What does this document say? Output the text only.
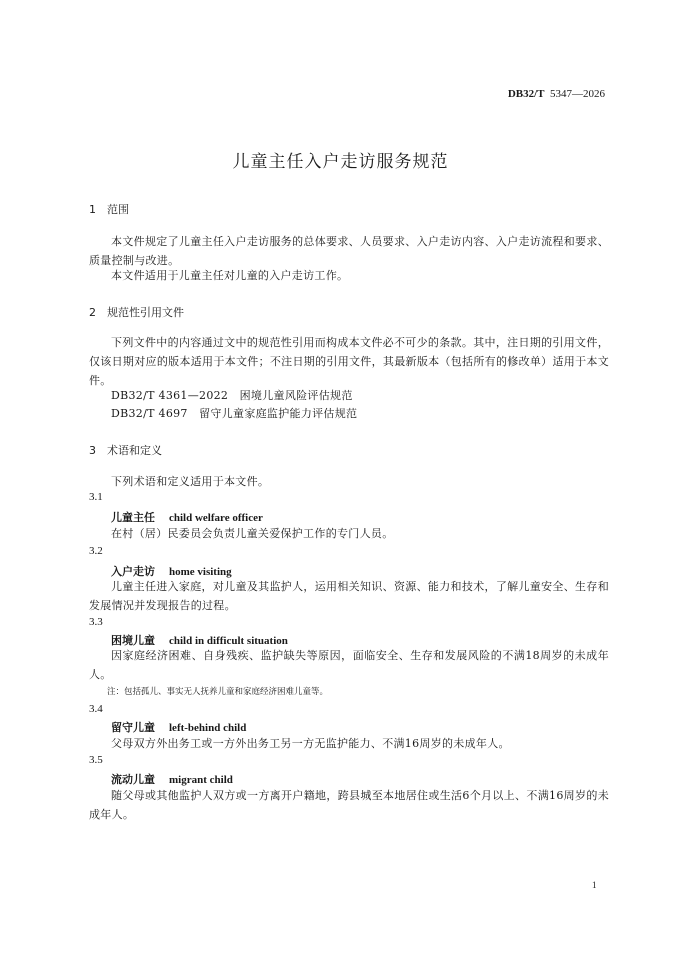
DB32/T 5347—2026
儿童主任入户走访服务规范
1 范围
本文件规定了儿童主任入户走访服务的总体要求、人员要求、入户走访内容、入户走访流程和要求、质量控制与改进。
本文件适用于儿童主任对儿童的入户走访工作。
2 规范性引用文件
下列文件中的内容通过文中的规范性引用而构成本文件必不可少的条款。其中，注日期的引用文件，仅该日期对应的版本适用于本文件；不注日期的引用文件，其最新版本（包括所有的修改单）适用于本文件。
DB32/T 4361—2022 困境儿童风险评估规范
DB32/T 4697 留守儿童家庭监护能力评估规范
3 术语和定义
下列术语和定义适用于本文件。
3.1
儿童主任 child welfare officer
在村（居）民委员会负责儿童关爱保护工作的专门人员。
3.2
入户走访 home visiting
儿童主任进入家庭，对儿童及其监护人，运用相关知识、资源、能力和技术，了解儿童安全、生存和发展情况并发现报告的过程。
3.3
困境儿童 child in difficult situation
因家庭经济困难、自身残疾、监护缺失等原因，面临安全、生存和发展风险的不满18周岁的未成年人。
注：包括孤儿、事实无人抚养儿童和家庭经济困难儿童等。
3.4
留守儿童 left-behind child
父母双方外出务工或一方外出务工另一方无监护能力、不满16周岁的未成年人。
3.5
流动儿童 migrant child
随父母或其他监护人双方或一方离开户籍地，跨县城至本地居住或生活6个月以上、不满16周岁的未成年人。
1
